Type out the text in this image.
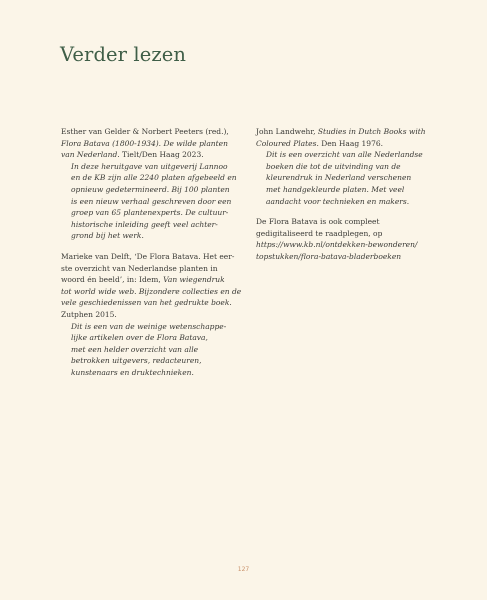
Verder lezen

Esther van Gelder & Norbert Peeters (red.),
Flora Batava (1800-1934). De wilde planten
van Nederland. Tielt/Den Haag 2023.

In deze heruitgave van uitgeverij Lannoo
en de KB zijn alle 2240 platen afgebeeld en
opnieuw gedetermineerd. Bij 100 planten
is een nieuw verhaal geschreven door een
groep van 65 plantenexperts. De cultuur-
historische inleiding geeft veel achter-
grond bij het werk.

Marieke van Delft, ‘De Flora Batava. Het eer-
ste overzicht van Nederlandse planten in
woord én beeld’, in: Idem, Van wiegendruk
tot world wide web. Bijzondere collecties en de
vele geschiedenissen van het gedrukte boek.
Zutphen 2015.

Dit is een van de weinige wetenschappe-
lijke artikelen over de Flora Batava,
met een helder overzicht van alle
betrokken uitgevers, redacteuren,
kunstenaars en druktechnieken.

John Landwehr, Studies in Dutch Books with
Coloured Plates. Den Haag 1976.

Dit is een overzicht van alle Nederlandse
boeken die tot de uitvinding van de
kleurendruk in Nederland verschenen
met handgekleurde platen. Met veel
aandacht voor technieken en makers.

De Flora Batava is ook compleet
gedigitaliseerd te raadplegen, op
https://www.kb.nl/ontdekken-bewonderen/
topstukken/flora-batava-bladerboeken

127
